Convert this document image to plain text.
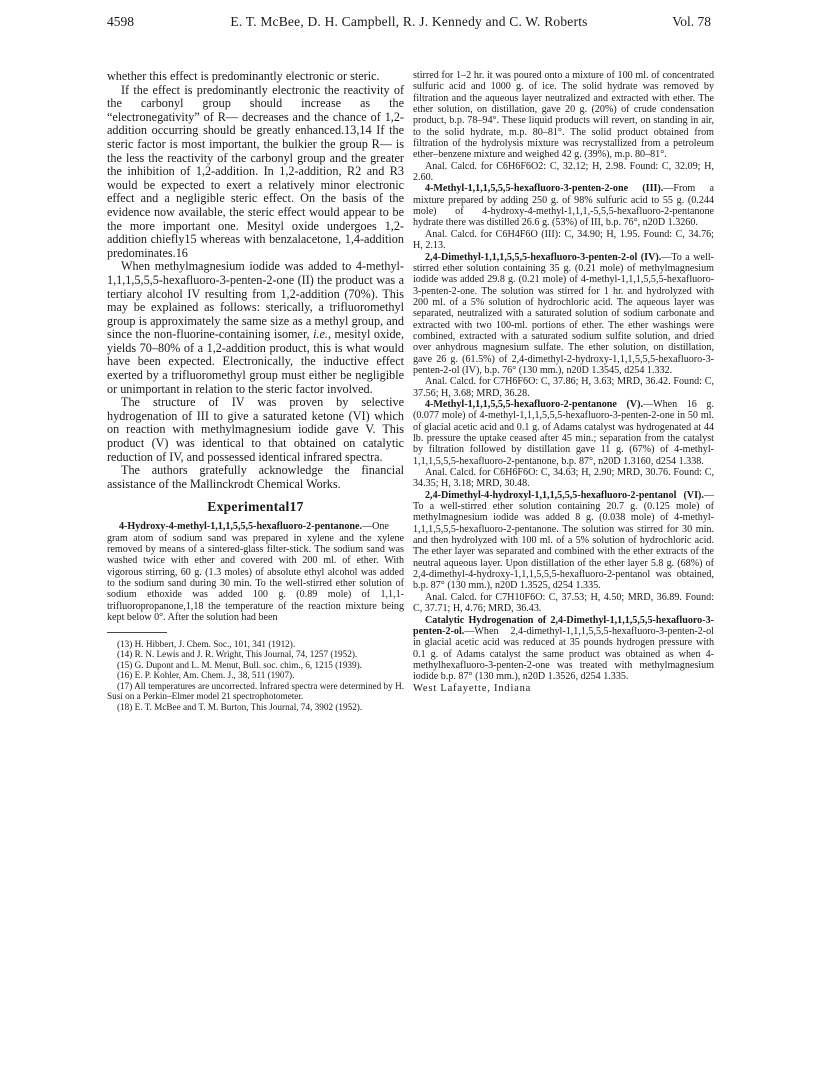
4598	E. T. McBee, D. H. Campbell, R. J. Kennedy and C. W. Roberts	Vol. 78

whether this effect is predominantly electronic or steric.

If the effect is predominantly electronic the reactivity of the carbonyl group should increase as the “electronegativity” of R— decreases and the chance of 1,2-addition occurring should be greatly enhanced.13,14 If the steric factor is most important, the bulkier the group R— is the less the reactivity of the carbonyl group and the greater the inhibition of 1,2-addition. In 1,2-addition, R2 and R3 would be expected to exert a relatively minor electronic effect and a negligible steric effect. On the basis of the evidence now available, the steric effect would appear to be the more important one. Mesityl oxide undergoes 1,2-addition chiefly15 whereas with benzalacetone, 1,4-addition predominates.16

When methylmagnesium iodide was added to 4-methyl-1,1,1,5,5,5-hexafluoro-3-penten-2-one (II) the product was a tertiary alcohol IV resulting from 1,2-addition (70%). This may be explained as follows: sterically, a trifluoromethyl group is approximately the same size as a methyl group, and since the non-fluorine-containing isomer, i.e., mesityl oxide, yields 70–80% of a 1,2-addition product, this is what would have been expected. Electronically, the inductive effect exerted by a trifluoromethyl group must either be negligible or unimportant in relation to the steric factor involved.

The structure of IV was proven by selective hydrogenation of III to give a saturated ketone (VI) which on reaction with methylmagnesium iodide gave V. This product (V) was identical to that obtained on catalytic reduction of IV, and possessed identical infrared spectra.

The authors gratefully acknowledge the financial assistance of the Mallinckrodt Chemical Works.

Experimental17

4-Hydroxy-4-methyl-1,1,1,5,5,5-hexafluoro-2-pentanone.—One gram atom of sodium sand was prepared in xylene and the xylene removed by means of a sintered-glass filter-stick. The sodium sand was washed twice with ether and covered with 200 ml. of ether. With vigorous stirring, 60 g. (1.3 moles) of absolute ethyl alcohol was added to the sodium sand during 30 min. To the well-stirred ether solution of sodium ethoxide was added 100 g. (0.89 mole) of 1,1,1-trifluoropropanone,1,18 the temperature of the reaction mixture being kept below 0°. After the solution had been

(13) H. Hibbert, J. Chem. Soc., 101, 341 (1912).

(14) R. N. Lewis and J. R. Wright, This Journal, 74, 1257 (1952).

(15) G. Dupont and L. M. Menut, Bull. soc. chim., 6, 1215 (1939).

(16) E. P. Kohler, Am. Chem. J., 38, 511 (1907).

(17) All temperatures are uncorrected. Infrared spectra were determined by H. Susi on a Perkin–Elmer model 21 spectrophotometer.

(18) E. T. McBee and T. M. Burton, This Journal, 74, 3902 (1952).

stirred for 1–2 hr. it was poured onto a mixture of 100 ml. of concentrated sulfuric acid and 1000 g. of ice. The solid hydrate was removed by filtration and the aqueous layer neutralized and extracted with ether. The ether solution, on distillation, gave 20 g. (20%) of crude condensation product, b.p. 78–94°. These liquid products will revert, on standing in air, to the solid hydrate, m.p. 80–81°. The solid product obtained from filtration of the hydrolysis mixture was recrystallized from a petroleum ether–benzene mixture and weighed 42 g. (39%), m.p. 80–81°.

Anal. Calcd. for C6H6F6O2: C, 32.12; H, 2.98. Found: C, 32.09; H, 2.60.

4-Methyl-1,1,1,5,5,5-hexafluoro-3-penten-2-one (III).—From a mixture prepared by adding 250 g. of 98% sulfuric acid to 55 g. (0.244 mole) of 4-hydroxy-4-methyl-1,1,1,-5,5,5-hexafluoro-2-pentanone hydrate there was distilled 26.6 g. (53%) of III, b.p. 76°, n20D 1.3260.

Anal. Calcd. for C6H4F6O (III): C, 34.90; H, 1.95. Found: C, 34.76; H, 2.13.

2,4-Dimethyl-1,1,1,5,5,5-hexafluoro-3-penten-2-ol (IV).—To a well-stirred ether solution containing 35 g. (0.21 mole) of methylmagnesium iodide was added 29.8 g. (0.21 mole) of 4-methyl-1,1,1,5,5,5-hexafluoro-3-penten-2-one. The solution was stirred for 1 hr. and hydrolyzed with 200 ml. of a 5% solution of hydrochloric acid. The aqueous layer was separated, neutralized with a saturated solution of sodium carbonate and extracted with two 100-ml. portions of ether. The ether washings were combined, extracted with a saturated sodium sulfite solution, and dried over anhydrous magnesium sulfate. The ether solution, on distillation, gave 26 g. (61.5%) of 2,4-dimethyl-2-hydroxy-1,1,1,5,5,5-hexafluoro-3-penten-2-ol (IV), b.p. 76° (130 mm.), n20D 1.3545, d254 1.332.

Anal. Calcd. for C7H6F6O: C, 37.86; H, 3.63; MRD, 36.42. Found: C, 37.56; H, 3.68; MRD, 36.28.

4-Methyl-1,1,1,5,5,5-hexafluoro-2-pentanone (V).—When 16 g. (0.077 mole) of 4-methyl-1,1,1,5,5,5-hexafluoro-3-penten-2-one in 50 ml. of glacial acetic acid and 0.1 g. of Adams catalyst was hydrogenated at 44 lb. pressure the uptake ceased after 45 min.; separation from the catalyst by filtration followed by distillation gave 11 g. (67%) of 4-methyl-1,1,1,5,5,5-hexafluoro-2-pentanone, b.p. 87°, n20D 1.3160, d254 1.338.

Anal. Calcd. for C6H6F6O: C, 34.63; H, 2.90; MRD, 30.76. Found: C, 34.35; H, 3.18; MRD, 30.48.

2,4-Dimethyl-4-hydroxyl-1,1,1,5,5,5-hexafluoro-2-pentanol (VI).—To a well-stirred ether solution containing 20.7 g. (0.125 mole) of methylmagnesium iodide was added 8 g. (0.038 mole) of 4-methyl-1,1,1,5,5,5-hexafluoro-2-pentanone. The solution was stirred for 30 min. and then hydrolyzed with 100 ml. of a 5% solution of hydrochloric acid. The ether layer was separated and combined with the ether extracts of the neutral aqueous layer. Upon distillation of the ether layer 5.8 g. (68%) of 2,4-dimethyl-4-hydroxy-1,1,1,5,5,5-hexafluoro-2-pentanol was obtained, b.p. 87° (130 mm.), n20D 1.3525, d254 1.335.

Anal. Calcd. for C7H10F6O: C, 37.53; H, 4.50; MRD, 36.89. Found: C, 37.71; H, 4.76; MRD, 36.43.

Catalytic Hydrogenation of 2,4-Dimethyl-1,1,1,5,5,5-hexafluoro-3-penten-2-ol.—When 2,4-dimethyl-1,1,1,5,5,5-hexafluoro-3-penten-2-ol in glacial acetic acid was reduced at 35 pounds hydrogen pressure with 0.1 g. of Adams catalyst the same product was obtained as when 4-methylhexafluoro-3-penten-2-one was treated with methylmagnesium iodide b.p. 87° (130 mm.), n20D 1.3526, d254 1.335.

West Lafayette, Indiana
